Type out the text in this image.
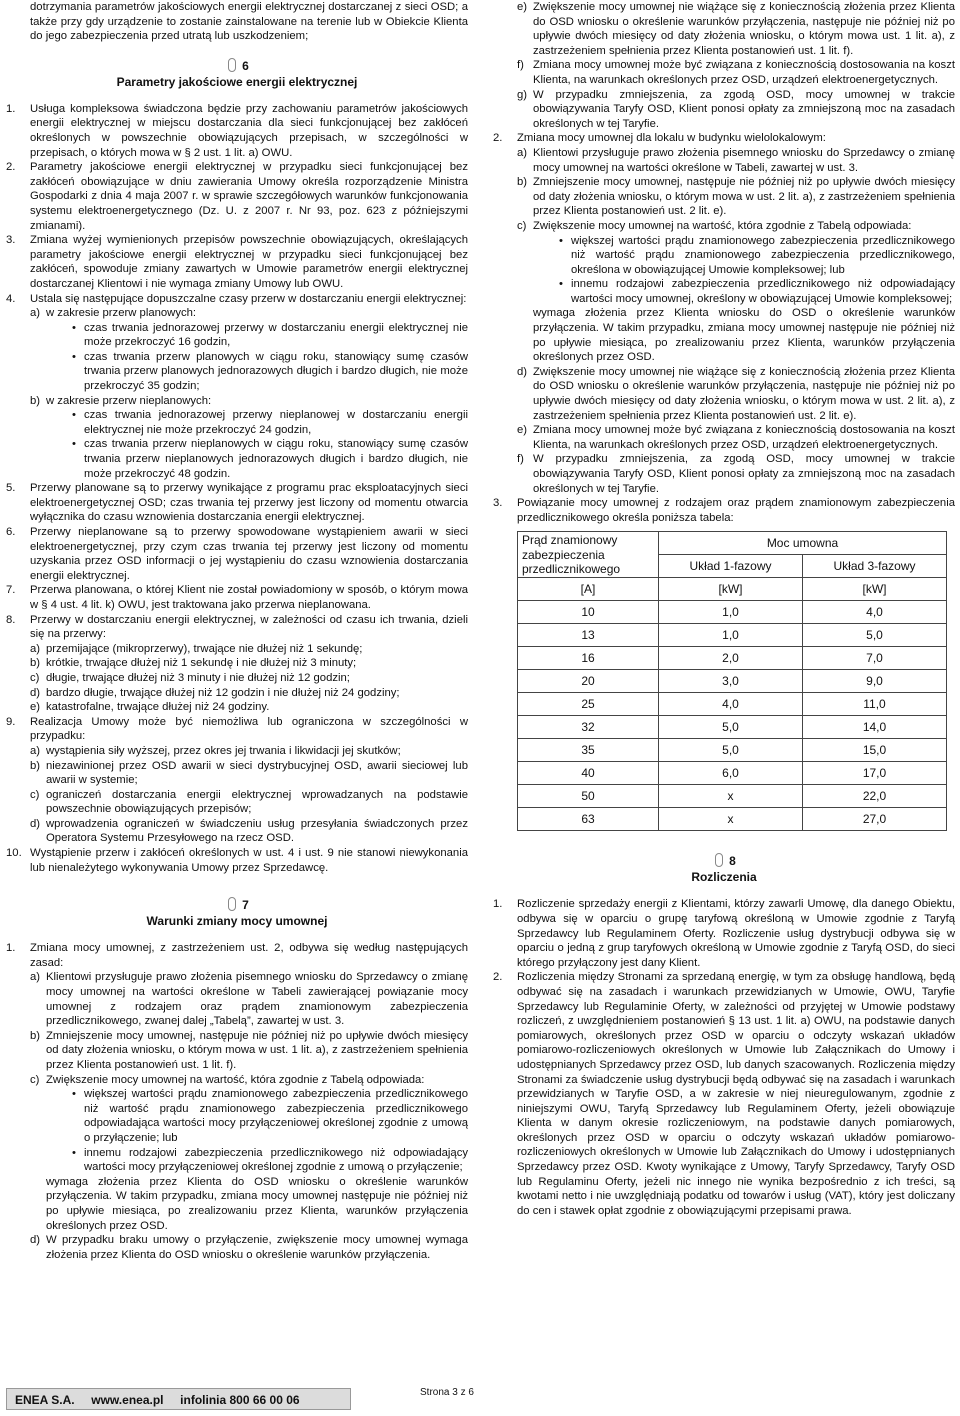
dotrzymania parametrów jakościowych energii elektrycznej dostarczanej z sieci OSD; a także przy gdy urządzenie to zostanie zainstalowane na terenie lub w Obiekcie Klienta do jego zabezpieczenia przed utratą lub uszkodzeniem;

6
Parametry jakościowe energii elektrycznej
1. Usługa kompleksowa świadczona będzie przy zachowaniu parametrów jakościowych energii elektrycznej w miejscu dostarczania dla sieci funkcjonującej bez zakłóceń określonych w powszechnie obowiązujących przepisach, w szczególności w przepisach, o których mowa w § 2 ust. 1 lit. a) OWU.
2. Parametry jakościowe energii elektrycznej w przypadku sieci funkcjonującej bez zakłóceń obowiązujące w dniu zawierania Umowy określa rozporządzenie Ministra Gospodarki z dnia 4 maja 2007 r. w sprawie szczegółowych warunków funkcjonowania systemu elektroenergetycznego (Dz. U. z 2007 r. Nr 93, poz. 623 z późniejszymi zmianami).
3. Zmiana wyżej wymienionych przepisów powszechnie obowiązujących, określających parametry jakościowe energii elektrycznej w przypadku sieci funkcjonującej bez zakłóceń, spowoduje zmiany zawartych w Umowie parametrów energii elektrycznej dostarczanej Klientowi i nie wymaga zmiany Umowy lub OWU.
4. Ustala się następujące dopuszczalne czasy przerw w dostarczaniu energii elektrycznej:
a) w zakresie przerw planowych:
• czas trwania jednorazowej przerwy w dostarczaniu energii elektrycznej nie może przekroczyć 16 godzin,
• czas trwania przerw planowych w ciągu roku, stanowiący sumę czasów trwania przerw planowych jednorazowych długich i bardzo długich, nie może przekroczyć 35 godzin;
b) w zakresie przerw nieplanowych:
• czas trwania jednorazowej przerwy nieplanowej w dostarczaniu energii elektrycznej nie może przekroczyć 24 godzin,
• czas trwania przerw nieplanowych w ciągu roku, stanowiący sumę czasów trwania przerw nieplanowych jednorazowych długich i bardzo długich, nie może przekroczyć 48 godzin.
5. Przerwy planowane są to przerwy wynikające z programu prac eksploatacyjnych sieci elektroenergetycznej OSD; czas trwania tej przerwy jest liczony od momentu otwarcia wyłącznika do czasu wznowienia dostarczania energii elektrycznej.
6. Przerwy nieplanowane są to przerwy spowodowane wystąpieniem awarii w sieci elektroenergetycznej, przy czym czas trwania tej przerwy jest liczony od momentu uzyskania przez OSD informacji o jej wystąpieniu do czasu wznowienia dostarczania energii elektrycznej.
7. Przerwa planowana, o której Klient nie został powiadomiony w sposób, o którym mowa w § 4 ust. 4 lit. k) OWU, jest traktowana jako przerwa nieplanowana.
8. Przerwy w dostarczaniu energii elektrycznej, w zależności od czasu ich trwania, dzieli się na przerwy:
a) przemijające (mikroprzerwy), trwające nie dłużej niż 1 sekundę;
b) krótkie, trwające dłużej niż 1 sekundę i nie dłużej niż 3 minuty;
c) długie, trwające dłużej niż 3 minuty i nie dłużej niż 12 godzin;
d) bardzo długie, trwające dłużej niż 12 godzin i nie dłużej niż 24 godziny;
e) katastrofalne, trwające dłużej niż 24 godziny.
9. Realizacja Umowy może być niemożliwa lub ograniczona w szczególności w przypadku:
a) wystąpienia siły wyższej, przez okres jej trwania i likwidacji jej skutków;
b) niezawinionej przez OSD awarii w sieci dystrybucyjnej OSD, awarii sieciowej lub awarii w systemie;
c) ograniczeń dostarczania energii elektrycznej wprowadzanych na podstawie powszechnie obowiązujących przepisów;
d) wprowadzenia ograniczeń w świadczeniu usług przesyłania świadczonych przez Operatora Systemu Przesyłowego na rzecz OSD.
10. Wystąpienie przerw i zakłóceń określonych w ust. 4 i ust. 9 nie stanowi niewykonania lub nienależytego wykonywania Umowy przez Sprzedawcę.
7
Warunki zmiany mocy umownej
1. Zmiana mocy umownej, z zastrzeżeniem ust. 2, odbywa się według następujących zasad:
a) Klientowi przysługuje prawo złożenia pisemnego wniosku do Sprzedawcy o zmianę mocy umownej na wartości określone w Tabeli zawierającej powiązanie mocy umownej z rodzajem oraz prądem znamionowym zabezpieczenia przedlicznikowego, zwanej dalej „Tabelą”, zawartej w ust. 3.
b) Zmniejszenie mocy umownej, następuje nie później niż po upływie dwóch miesięcy od daty złożenia wniosku, o którym mowa w ust. 1 lit. a), z zastrzeżeniem spełnienia przez Klienta postanowień ust. 1 lit. f).
c) Zwiększenie mocy umownej na wartość, która zgodnie z Tabelą odpowiada:
• większej wartości prądu znamionowego zabezpieczenia przedlicznikowego niż wartość prądu znamionowego zabezpieczenia przedlicznikowego odpowiadająca wartości mocy przyłączeniowej określonej zgodnie z umową o przyłączenie; lub
• innemu rodzajowi zabezpieczenia przedlicznikowego niż odpowiadający wartości mocy przyłączeniowej określonej zgodnie z umową o przyłączenie;

wymaga złożenia przez Klienta do OSD wniosku o określenie warunków przyłączenia. W takim przypadku, zmiana mocy umownej następuje nie później niż po upływie miesiąca, po zrealizowaniu przez Klienta, warunków przyłączenia określonych przez OSD.

d) W przypadku braku umowy o przyłączenie, zwiększenie mocy umownej wymaga złożenia przez Klienta do OSD wniosku o określenie warunków przyłączenia.
e) Zwiększenie mocy umownej nie wiążące się z koniecznością złożenia przez Klienta do OSD wniosku o określenie warunków przyłączenia, następuje nie później niż po upływie dwóch miesięcy od daty złożenia wniosku, o którym mowa ust. 1 lit. a), z zastrzeżeniem spełnienia przez Klienta postanowień ust. 1 lit. f).
f) Zmiana mocy umownej może być związana z koniecznością dostosowania na koszt Klienta, na warunkach określonych przez OSD, urządzeń elektroenergetycznych.
g) W przypadku zmniejszenia, za zgodą OSD, mocy umownej w trakcie obowiązywania Taryfy OSD, Klient ponosi opłaty za zmniejszoną moc na zasadach określonych w tej Taryfie.
2. Zmiana mocy umownej dla lokalu w budynku wielolokalowym:
a) Klientowi przysługuje prawo złożenia pisemnego wniosku do Sprzedawcy o zmianę mocy umownej na wartości określone w Tabeli, zawartej w ust. 3.
b) Zmniejszenie mocy umownej, następuje nie później niż po upływie dwóch miesięcy od daty złożenia wniosku, o którym mowa w ust. 2 lit. a), z zastrzeżeniem spełnienia przez Klienta postanowień ust. 2 lit. e).
c) Zwiększenie mocy umownej na wartość, która zgodnie z Tabelą odpowiada:
• większej wartości prądu znamionowego zabezpieczenia przedlicznikowego niż wartość prądu znamionowego zabezpieczenia przedlicznikowego, określona w obowiązującej Umowie kompleksowej; lub
• innemu rodzajowi zabezpieczenia przedlicznikowego niż odpowiadający wartości mocy umownej, określony w obowiązującej Umowie kompleksowej;

wymaga złożenia przez Klienta wniosku do OSD o określenie warunków przyłączenia. W takim przypadku, zmiana mocy umownej następuje nie później niż po upływie miesiąca, po zrealizowaniu przez Klienta, warunków przyłączenia określonych przez OSD.

d) Zwiększenie mocy umownej nie wiążące się z koniecznością złożenia przez Klienta do OSD wniosku o określenie warunków przyłączenia, następuje nie później niż po upływie dwóch miesięcy od daty złożenia wniosku, o którym mowa w ust. 2 lit. a), z zastrzeżeniem spełnienia przez Klienta postanowień ust. 2 lit. e).
e) Zmiana mocy umownej może być związana z koniecznością dostosowania na koszt Klienta, na warunkach określonych przez OSD, urządzeń elektroenergetycznych.
f) W przypadku zmniejszenia, za zgodą OSD, mocy umownej w trakcie obowiązywania Taryfy OSD, Klient ponosi opłaty za zmniejszoną moc na zasadach określonych w tej Taryfie.
3. Powiązanie mocy umownej z rodzajem oraz prądem znamionowym zabezpieczenia przedlicznikowego określa poniższa tabela:
Prąd znamionowy zabezpieczenia przedlicznikowego	Moc umowna	
	Układ 1-fazowy	Układ 3-fazowy
[A]	[kW]	[kW]
10	1,0	4,0
13	1,0	5,0
16	2,0	7,0
20	3,0	9,0
25	4,0	11,0
32	5,0	14,0
35	5,0	15,0
40	6,0	17,0
50	x	22,0
63	x	27,0
8
Rozliczenia
1. Rozliczenie sprzedaży energii z Klientami, którzy zawarli Umowę, dla danego Obiektu, odbywa się w oparciu o grupę taryfową określoną w Umowie zgodnie z Taryfą Sprzedawcy lub Regulaminem Oferty. Rozliczenie usług dystrybucji odbywa się w oparciu o jedną z grup taryfowych określoną w Umowie zgodnie z Taryfą OSD, do sieci którego przyłączony jest dany Klient.
2. Rozliczenia między Stronami za sprzedaną energię, w tym za obsługę handlową, będą odbywać się na zasadach i warunkach przewidzianych w Umowie, OWU, Taryfie Sprzedawcy lub Regulaminie Oferty, w zależności od przyjętej w Umowie podstawy rozliczeń, z uwzględnieniem postanowień § 13 ust. 1 lit. a) OWU, na podstawie danych pomiarowych, określonych przez OSD w oparciu o odczyty wskazań układów pomiarowo-rozliczeniowych określonych w Umowie lub Załącznikach do Umowy i udostępnianych Sprzedawcy przez OSD, lub danych szacowanych. Rozliczenia między Stronami za świadczenie usług dystrybucji będą odbywać się na zasadach i warunkach przewidzianych w Taryfie OSD, a w zakresie w niej nieuregulowanym, zgodnie z niniejszymi OWU, Taryfą Sprzedawcy lub Regulaminem Oferty, jeżeli obowiązuje Klienta w danym okresie rozliczeniowym, na podstawie danych pomiarowych, określonych przez OSD w oparciu o odczyty wskazań układów pomiarowo-rozliczeniowych określonych w Umowie lub Załącznikach do Umowy i udostępnianych Sprzedawcy przez OSD. Kwoty wynikające z Umowy, Taryfy Sprzedawcy, Taryfy OSD lub Regulaminu Oferty, jeżeli nic innego nie wynika bezpośrednio z ich treści, są kwotami netto i nie uwzględniają podatku od towarów i usług (VAT), który jest doliczany do cen i stawek opłat zgodnie z obowiązującymi przepisami prawa.
ENEA S.A. www.enea.pl infolinia 800 66 00 06
Strona 3 z 6
